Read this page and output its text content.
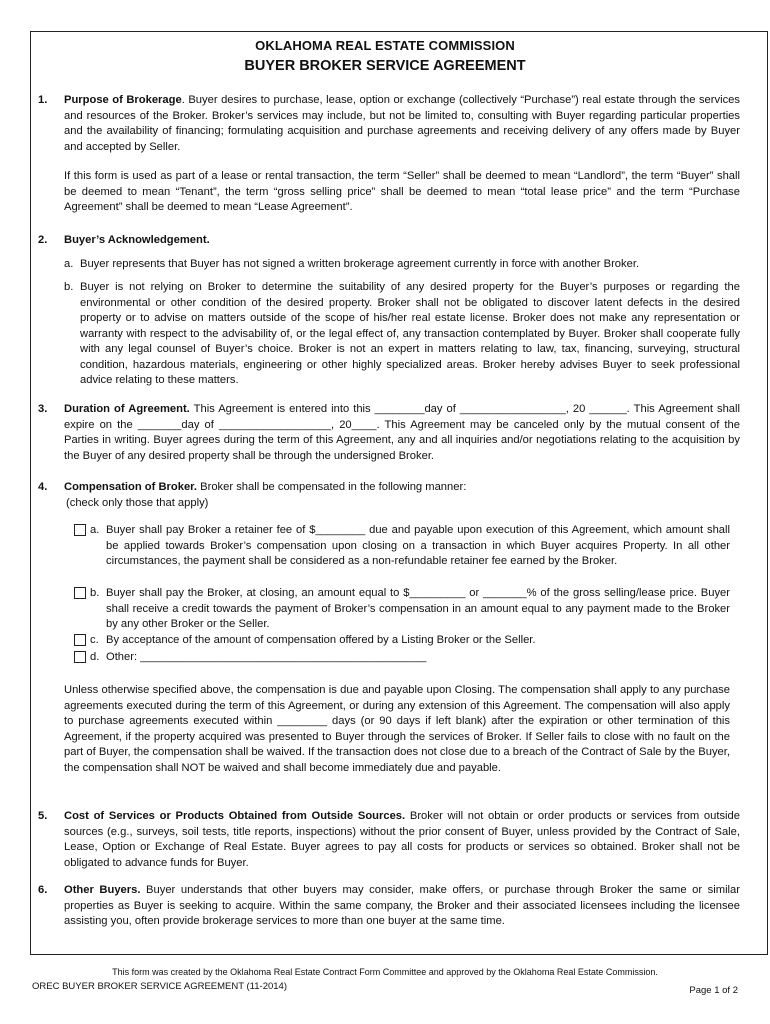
OKLAHOMA REAL ESTATE COMMISSION
BUYER BROKER SERVICE AGREEMENT
1. Purpose of Brokerage. Buyer desires to purchase, lease, option or exchange (collectively “Purchase”) real estate through the services and resources of the Broker. Broker’s services may include, but not be limited to, consulting with Buyer regarding particular properties and the availability of financing; formulating acquisition and purchase agreements and receiving delivery of any offers made by Buyer and accepted by Seller.

If this form is used as part of a lease or rental transaction, the term “Seller” shall be deemed to mean “Landlord”, the term “Buyer” shall be deemed to mean “Tenant”, the term “gross selling price” shall be deemed to mean “total lease price” and the term “Purchase Agreement” shall be deemed to mean “Lease Agreement”.

2. Buyer’s Acknowledgement.

a. Buyer represents that Buyer has not signed a written brokerage agreement currently in force with another Broker.
b. Buyer is not relying on Broker to determine the suitability of any desired property for the Buyer’s purposes or regarding the environmental or other condition of the desired property. Broker shall not be obligated to discover latent defects in the desired property or to advise on matters outside of the scope of his/her real estate license. Broker does not make any representation or warranty with respect to the advisability of, or the legal effect of, any transaction contemplated by Buyer. Broker shall cooperate fully with any legal counsel of Buyer’s choice. Broker is not an expert in matters relating to law, tax, financing, surveying, structural condition, hazardous materials, engineering or other highly specialized areas. Broker hereby advises Buyer to seek professional advice relating to these matters.
3. Duration of Agreement. This Agreement is entered into this ________day of _________________, 20 ______. This Agreement shall expire on the _______day of __________________, 20____. This Agreement may be canceled only by the mutual consent of the Parties in writing. Buyer agrees during the term of this Agreement, any and all inquiries and/or negotiations relating to the acquisition by the Buyer of any desired property shall be through the undersigned Broker.

4. Compensation of Broker. Broker shall be compensated in the following manner:

(check only those that apply)

a. Buyer shall pay Broker a retainer fee of $________ due and payable upon execution of this Agreement, which amount shall be applied towards Broker’s compensation upon closing on a transaction in which Buyer acquires Property. In all other circumstances, the payment shall be considered as a non-refundable retainer fee earned by the Broker.
b. Buyer shall pay the Broker, at closing, an amount equal to $_________ or _______% of the gross selling/lease price. Buyer shall receive a credit towards the payment of Broker’s compensation in an amount equal to any payment made to the Broker by any other Broker or the Seller.
c. By acceptance of the amount of compensation offered by a Listing Broker or the Seller.
d. Other: ______________________________________________
Unless otherwise specified above, the compensation is due and payable upon Closing. The compensation shall apply to any purchase agreements executed during the term of this Agreement, or during any extension of this Agreement. The compensation will also apply to purchase agreements executed within ________ days (or 90 days if left blank) after the expiration or other termination of this Agreement, if the property acquired was presented to Buyer through the services of Broker. If Seller fails to close with no fault on the part of Buyer, the compensation shall be waived. If the transaction does not close due to a breach of the Contract of Sale by the Buyer, the compensation shall NOT be waived and shall become immediately due and payable.
5. Cost of Services or Products Obtained from Outside Sources. Broker will not obtain or order products or services from outside sources (e.g., surveys, soil tests, title reports, inspections) without the prior consent of Buyer, unless provided by the Contract of Sale, Lease, Option or Exchange of Real Estate. Buyer agrees to pay all costs for products or services so obtained. Broker shall not be obligated to advance funds for Buyer.

6. Other Buyers. Buyer understands that other buyers may consider, make offers, or purchase through Broker the same or similar properties as Buyer is seeking to acquire. Within the same company, the Broker and their associated licensees including the licensee assisting you, often provide brokerage services to more than one buyer at the same time.

This form was created by the Oklahoma Real Estate Contract Form Committee and approved by the Oklahoma Real Estate Commission.
OREC BUYER BROKER SERVICE AGREEMENT (11-2014)	Page 1 of 2
